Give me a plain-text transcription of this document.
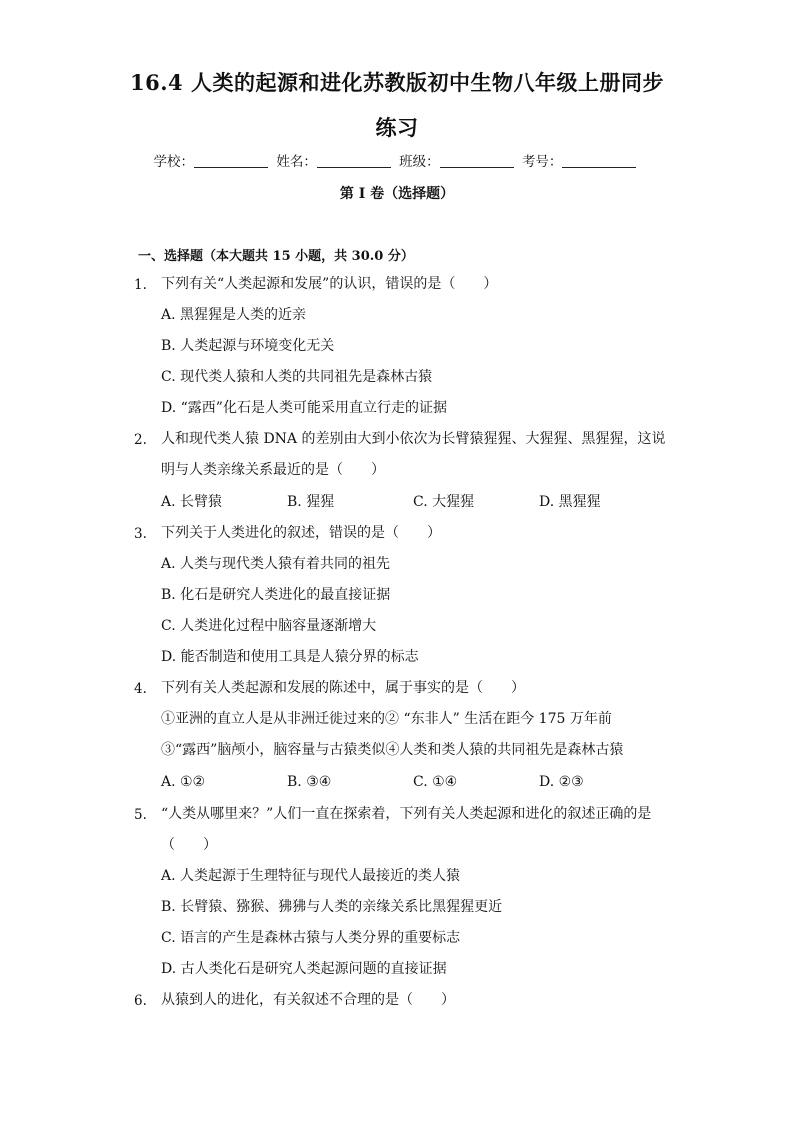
16.4 人类的起源和进化苏教版初中生物八年级上册同步
练习
学校：	姓名：	班级：	考号：
第 I 卷（选择题）
一、选择题（本大题共 15 小题，共 30.0 分）
1. 下列有关“人类起源和发展”的认识，错误的是（　　）
A. 黑猩猩是人类的近亲
B. 人类起源与环境变化无关
C. 现代类人猿和人类的共同祖先是森林古猿
D. “露西”化石是人类可能采用直立行走的证据
2. 人和现代类人猿 DNA 的差别由大到小依次为长臂猿猩猩、大猩猩、黑猩猩，这说
明与人类亲缘关系最近的是（　　）
A. 长臂猿	B. 猩猩	C. 大猩猩	D. 黑猩猩
3. 下列关于人类进化的叙述，错误的是（　　）
A. 人类与现代类人猿有着共同的祖先
B. 化石是研究人类进化的最直接证据
C. 人类进化过程中脑容量逐渐增大
D. 能否制造和使用工具是人猿分界的标志
4. 下列有关人类起源和发展的陈述中，属于事实的是（　　）
①亚洲的直立人是从非洲迁徙过来的② “东非人” 生活在距今 175 万年前
③“露西”脑颅小，脑容量与古猿类似④人类和类人猿的共同祖先是森林古猿
A. ①②	B. ③④	C. ①④	D. ②③
5. “人类从哪里来？”人们一直在探索着，下列有关人类起源和进化的叙述正确的是
（　　）
A. 人类起源于生理特征与现代人最接近的类人猿
B. 长臂猿、猕猴、狒狒与人类的亲缘关系比黑猩猩更近
C. 语言的产生是森林古猿与人类分界的重要标志
D. 古人类化石是研究人类起源问题的直接证据
6. 从猿到人的进化，有关叙述不合理的是（　　）
